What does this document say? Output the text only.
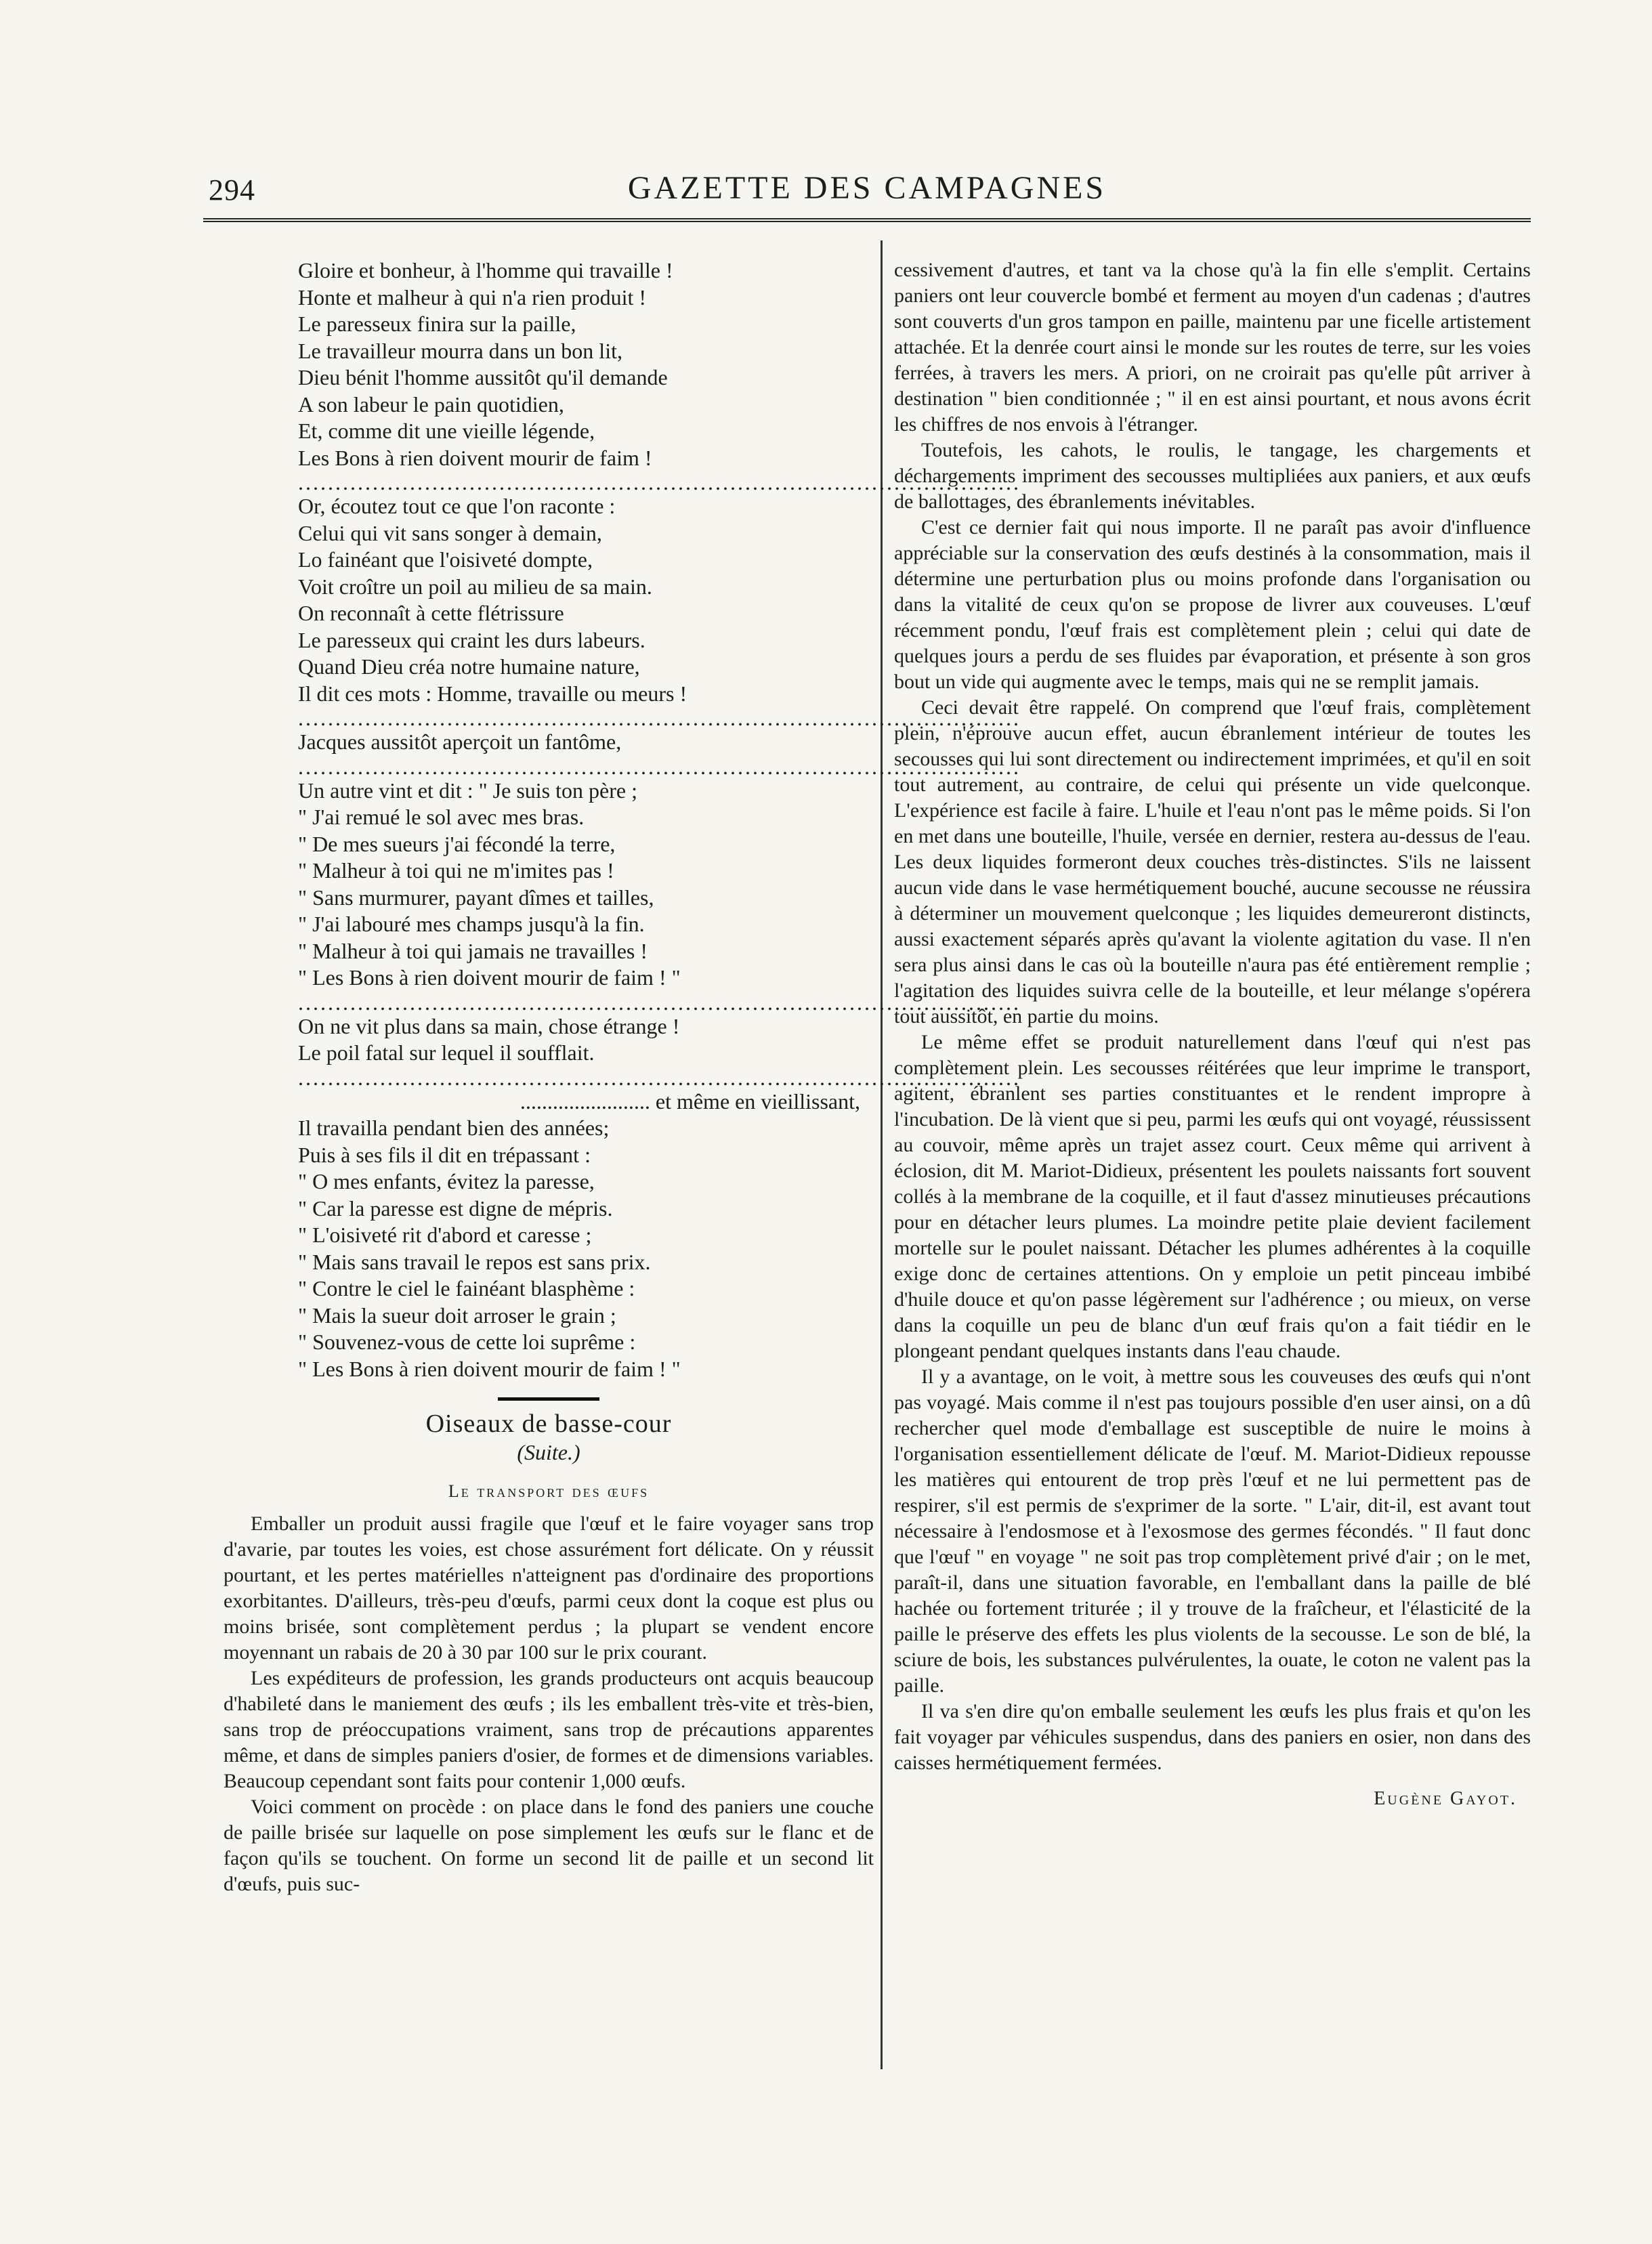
294	GAZETTE DES CAMPAGNES
Gloire et bonheur, à l'homme qui travaille !
Honte et malheur à qui n'a rien produit !
Le paresseux finira sur la paille,
Le travailleur mourra dans un bon lit,
Dieu bénit l'homme aussitôt qu'il demande
A son labeur le pain quotidien,
Et, comme dit une vieille légende,
Les Bons à rien doivent mourir de faim !
.................................................................................................
Or, écoutez tout ce que l'on raconte :
Celui qui vit sans songer à demain,
Lo fainéant que l'oisiveté dompte,
Voit croître un poil au milieu de sa main.
On reconnaît à cette flétrissure
Le paresseux qui craint les durs labeurs.
Quand Dieu créa notre humaine nature,
Il dit ces mots : Homme, travaille ou meurs !
.................................................................................................
Jacques aussitôt aperçoit un fantôme,
.................................................................................................
Un autre vint et dit : " Je suis ton père ;
" J'ai remué le sol avec mes bras.
" De mes sueurs j'ai fécondé la terre,
" Malheur à toi qui ne m'imites pas !
" Sans murmurer, payant dîmes et tailles,
" J'ai labouré mes champs jusqu'à la fin.
" Malheur à toi qui jamais ne travailles !
" Les Bons à rien doivent mourir de faim ! "
.................................................................................................
On ne vit plus dans sa main, chose étrange !
Le poil fatal sur lequel il soufflait.
.................................................................................................
........................ et même en vieillissant,
Il travailla pendant bien des années;
Puis à ses fils il dit en trépassant :
" O mes enfants, évitez la paresse,
" Car la paresse est digne de mépris.
" L'oisiveté rit d'abord et caresse ;
" Mais sans travail le repos est sans prix.
" Contre le ciel le fainéant blasphème :
" Mais la sueur doit arroser le grain ;
" Souvenez-vous de cette loi suprême :
" Les Bons à rien doivent mourir de faim ! "
Oiseaux de basse-cour
(Suite.)
Le transport des œufs

Emballer un produit aussi fragile que l'œuf et le faire voyager sans trop d'avarie, par toutes les voies, est chose assurément fort délicate. On y réussit pourtant, et les pertes matérielles n'atteignent pas d'ordinaire des proportions exorbitantes. D'ailleurs, très-peu d'œufs, parmi ceux dont la coque est plus ou moins brisée, sont complètement perdus ; la plupart se vendent encore moyennant un rabais de 20 à 30 par 100 sur le prix courant.

Les expéditeurs de profession, les grands producteurs ont acquis beaucoup d'habileté dans le maniement des œufs ; ils les emballent très-vite et très-bien, sans trop de préoccupations vraiment, sans trop de précautions apparentes même, et dans de simples paniers d'osier, de formes et de dimensions variables. Beaucoup cependant sont faits pour contenir 1,000 œufs.

Voici comment on procède : on place dans le fond des paniers une couche de paille brisée sur laquelle on pose simplement les œufs sur le flanc et de façon qu'ils se touchent. On forme un second lit de paille et un second lit d'œufs, puis suc-

cessivement d'autres, et tant va la chose qu'à la fin elle s'emplit. Certains paniers ont leur couvercle bombé et ferment au moyen d'un cadenas ; d'autres sont couverts d'un gros tampon en paille, maintenu par une ficelle artistement attachée. Et la denrée court ainsi le monde sur les routes de terre, sur les voies ferrées, à travers les mers. A priori, on ne croirait pas qu'elle pût arriver à destination " bien conditionnée ; " il en est ainsi pourtant, et nous avons écrit les chiffres de nos envois à l'étranger.

Toutefois, les cahots, le roulis, le tangage, les chargements et déchargements impriment des secousses multipliées aux paniers, et aux œufs de ballottages, des ébranlements inévitables.

C'est ce dernier fait qui nous importe. Il ne paraît pas avoir d'influence appréciable sur la conservation des œufs destinés à la consommation, mais il détermine une perturbation plus ou moins profonde dans l'organisation ou dans la vitalité de ceux qu'on se propose de livrer aux couveuses. L'œuf récemment pondu, l'œuf frais est complètement plein ; celui qui date de quelques jours a perdu de ses fluides par évaporation, et présente à son gros bout un vide qui augmente avec le temps, mais qui ne se remplit jamais.

Ceci devait être rappelé. On comprend que l'œuf frais, complètement plein, n'éprouve aucun effet, aucun ébranlement intérieur de toutes les secousses qui lui sont directement ou indirectement imprimées, et qu'il en soit tout autrement, au contraire, de celui qui présente un vide quelconque. L'expérience est facile à faire. L'huile et l'eau n'ont pas le même poids. Si l'on en met dans une bouteille, l'huile, versée en dernier, restera au-dessus de l'eau. Les deux liquides formeront deux couches très-distinctes. S'ils ne laissent aucun vide dans le vase hermétiquement bouché, aucune secousse ne réussira à déterminer un mouvement quelconque ; les liquides demeureront distincts, aussi exactement séparés après qu'avant la violente agitation du vase. Il n'en sera plus ainsi dans le cas où la bouteille n'aura pas été entièrement remplie ; l'agitation des liquides suivra celle de la bouteille, et leur mélange s'opérera tout aussitôt, en partie du moins.

Le même effet se produit naturellement dans l'œuf qui n'est pas complètement plein. Les secousses réitérées que leur imprime le transport, agitent, ébranlent ses parties constituantes et le rendent impropre à l'incubation. De là vient que si peu, parmi les œufs qui ont voyagé, réussissent au couvoir, même après un trajet assez court. Ceux même qui arrivent à éclosion, dit M. Mariot-Didieux, présentent les poulets naissants fort souvent collés à la membrane de la coquille, et il faut d'assez minutieuses précautions pour en détacher leurs plumes. La moindre petite plaie devient facilement mortelle sur le poulet naissant. Détacher les plumes adhérentes à la coquille exige donc de certaines attentions. On y emploie un petit pinceau imbibé d'huile douce et qu'on passe légèrement sur l'adhérence ; ou mieux, on verse dans la coquille un peu de blanc d'un œuf frais qu'on a fait tiédir en le plongeant pendant quelques instants dans l'eau chaude.

Il y a avantage, on le voit, à mettre sous les couveuses des œufs qui n'ont pas voyagé. Mais comme il n'est pas toujours possible d'en user ainsi, on a dû rechercher quel mode d'emballage est susceptible de nuire le moins à l'organisation essentiellement délicate de l'œuf. M. Mariot-Didieux repousse les matières qui entourent de trop près l'œuf et ne lui permettent pas de respirer, s'il est permis de s'exprimer de la sorte. " L'air, dit-il, est avant tout nécessaire à l'endosmose et à l'exosmose des germes fécondés. " Il faut donc que l'œuf " en voyage " ne soit pas trop complètement privé d'air ; on le met, paraît-il, dans une situation favorable, en l'emballant dans la paille de blé hachée ou fortement triturée ; il y trouve de la fraîcheur, et l'élasticité de la paille le préserve des effets les plus violents de la secousse. Le son de blé, la sciure de bois, les substances pulvérulentes, la ouate, le coton ne valent pas la paille.

Il va s'en dire qu'on emballe seulement les œufs les plus frais et qu'on les fait voyager par véhicules suspendus, dans des paniers en osier, non dans des caisses hermétiquement fermées.

Eugène Gayot.
